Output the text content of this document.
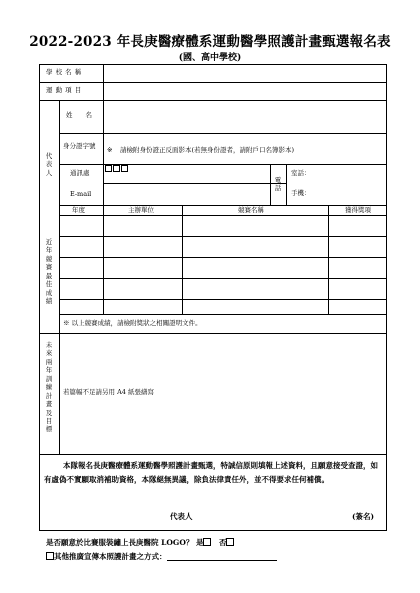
2022-2023 年長庚醫療體系運動醫學照護計畫甄選報名表
(國、高中學校)
學 校 名 稱
運 動 項 目
代表人
姓　　名
身分證字號 ※ 請檢附身份證正反面影本(若無身份證者，請附戶口名簿影本)
通訊處
E-mail
電話
室話：
手機：
近年競賽最佳成績
年度	主辦單位	競賽名稱	獲得獎項
※ 以上競賽成績，請檢附獎狀之相關證明文件。
未來兩年訓練計畫及目標
若篇幅不足請另用 A4 紙張繕寫
本隊報名長庚醫療體系運動醫學照護計畫甄選，特誠信原則填報上述資料，且願意接受查證，如有虛偽不實願取消補助資格，本隊絕無異議，除負法律責任外，並不得要求任何補償。
代表人	(簽名)
是否願意於比賽服裝繡上長庚醫院 LOGO？ 是　 否
其他推廣宣傳本照護計畫之方式：
